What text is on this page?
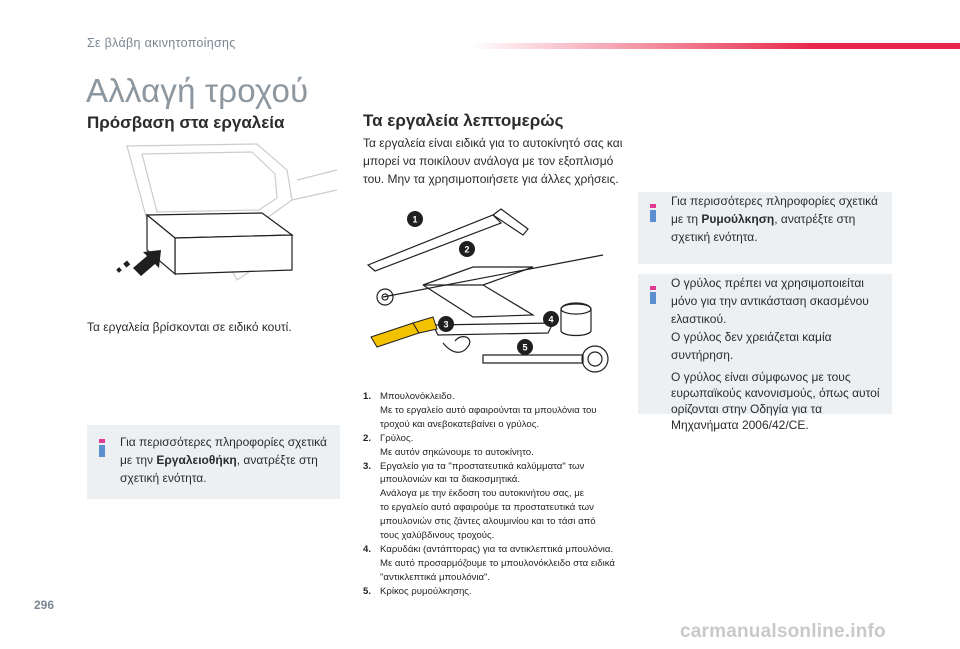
Σε βλάβη ακινητοποίησης
Αλλαγή τροχού
Πρόσβαση στα εργαλεία
Τα εργαλεία βρίσκονται σε ειδικό κουτί.
Για περισσότερες πληροφορίες σχετικά με την Εργαλειοθήκη, ανατρέξτε στη σχετική ενότητα.
Τα εργαλεία λεπτομερώς
Τα εργαλεία είναι ειδικά για το αυτοκίνητό σας και μπορεί να ποικίλουν ανάλογα με τον εξοπλισμό του. Μην τα χρησιμοποιήσετε για άλλες χρήσεις.
1
2
3	4
5
1. Μπουλονόκλειδο.
Με το εργαλείο αυτό αφαιρούνται τα μπουλόνια του
τροχού και ανεβοκατεβαίνει ο γρύλος.
2. Γρύλος.
Με αυτόν σηκώνουμε το αυτοκίνητο.
3. Εργαλείο για τα "προστατευτικά καλύμματα" των
μπουλονιών και τα διακοσμητικά.
Ανάλογα με την έκδοση του αυτοκινήτου σας, με
το εργαλείο αυτό αφαιρούμε τα προστατευτικά των
μπουλονιών στις ζάντες αλουμινίου και το τάσι από
τους χαλύβδινους τροχούς.
4. Καρυδάκι (αντάπτορας) για τα αντικλεπτικά μπουλόνια.
Με αυτό προσαρμόζουμε το μπουλονόκλειδο στα ειδικά
"αντικλεπτικά μπουλόνια".
5. Κρίκος ρυμούλκησης.
Για περισσότερες πληροφορίες σχετικά με τη Ρυμούλκηση, ανατρέξτε στη σχετική ενότητα.
Ο γρύλος πρέπει να χρησιμοποιείται μόνο για την αντικάσταση σκασμένου ελαστικού.
Ο γρύλος δεν χρειάζεται καμία συντήρηση.
Ο γρύλος είναι σύμφωνος με τους ευρωπαϊκούς κανονισμούς, όπως αυτοί ορίζονται στην Οδηγία για τα Μηχανήματα 2006/42/CE.
296
carmanualsonline.info
